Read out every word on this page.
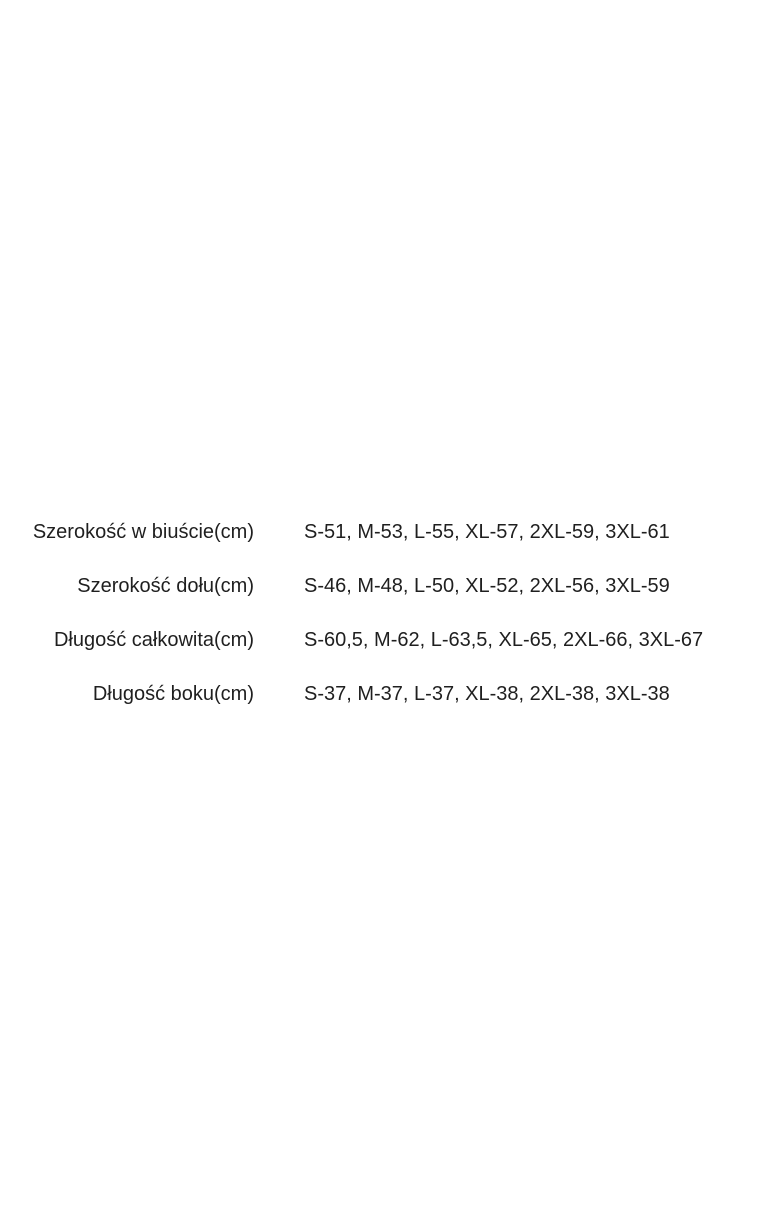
Szerokość w biuście(cm)	S-51, M-53, L-55, XL-57, 2XL-59, 3XL-61
Szerokość dołu(cm)	S-46, M-48, L-50, XL-52, 2XL-56, 3XL-59
Długość całkowita(cm)	S-60,5, M-62, L-63,5, XL-65, 2XL-66, 3XL-67
Długość boku(cm)	S-37, M-37, L-37, XL-38, 2XL-38, 3XL-38
